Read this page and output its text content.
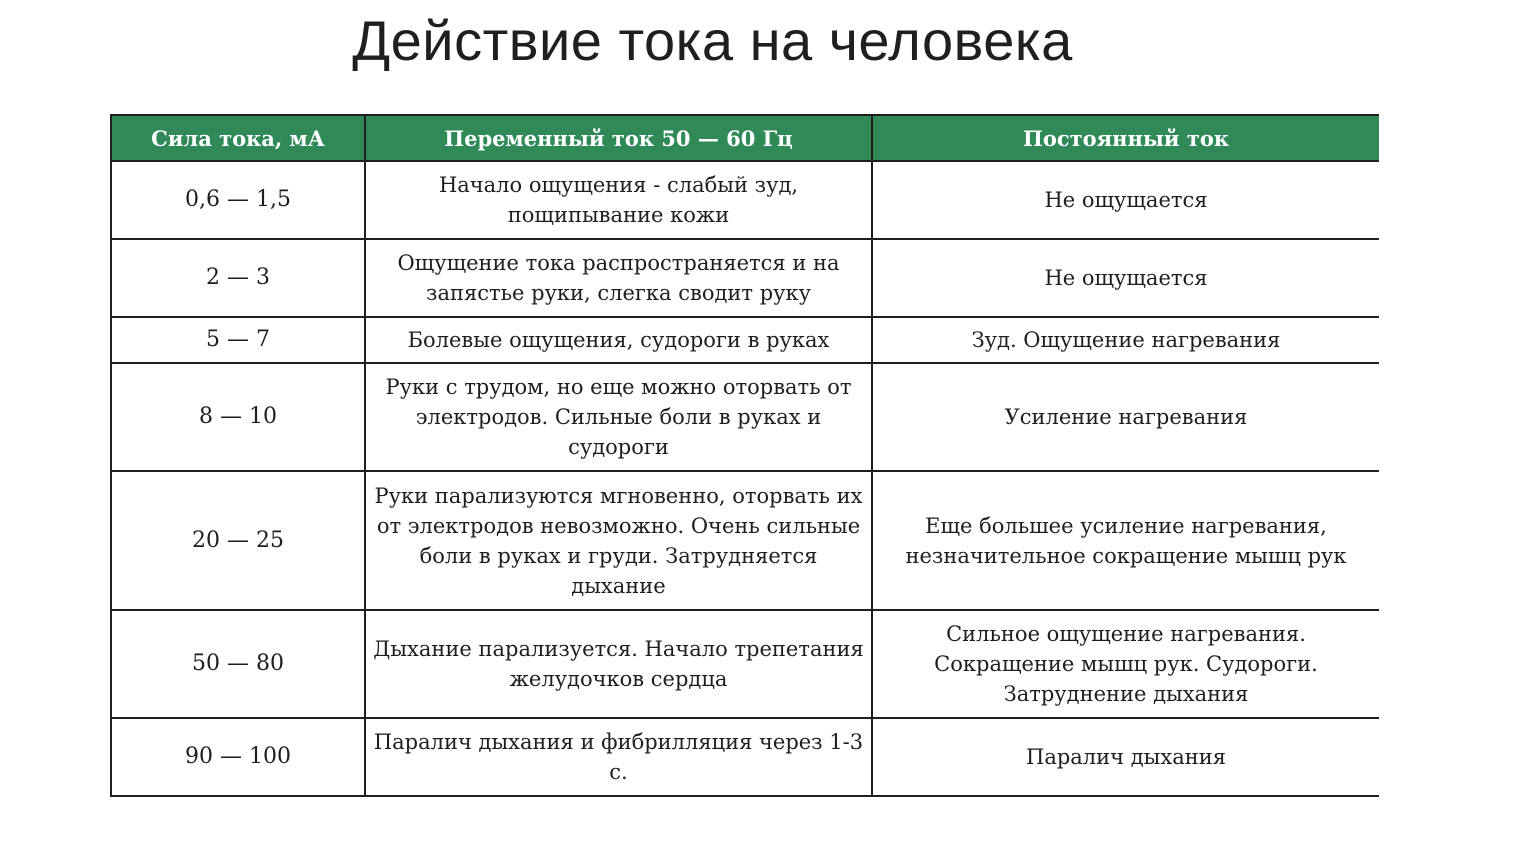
Действие тока на человека
Сила тока, мА	Переменный ток 50 — 60 Гц	Постоянный ток
0,6 — 1,5	Начало ощущения - слабый зуд, пощипывание кожи	Не ощущается
2 — 3	Ощущение тока распространяется и на запястье руки, слегка сводит руку	Не ощущается
5 — 7	Болевые ощущения, судороги в руках	Зуд. Ощущение нагревания
8 — 10	Руки с трудом, но еще можно оторвать от электродов. Сильные боли в руках и судороги	Усиление нагревания
20 — 25	Руки парализуются мгновенно, оторвать их от электродов невозможно. Очень сильные боли в руках и груди. Затрудняется дыхание	Еще большее усиление нагревания, незначительное сокращение мышц рук
50 — 80	Дыхание парализуется. Начало трепетания желудочков сердца	Сильное ощущение нагревания. Сокращение мышц рук. Судороги. Затруднение дыхания
90 — 100	Паралич дыхания и фибрилляция через 1-3 с.	Паралич дыхания
